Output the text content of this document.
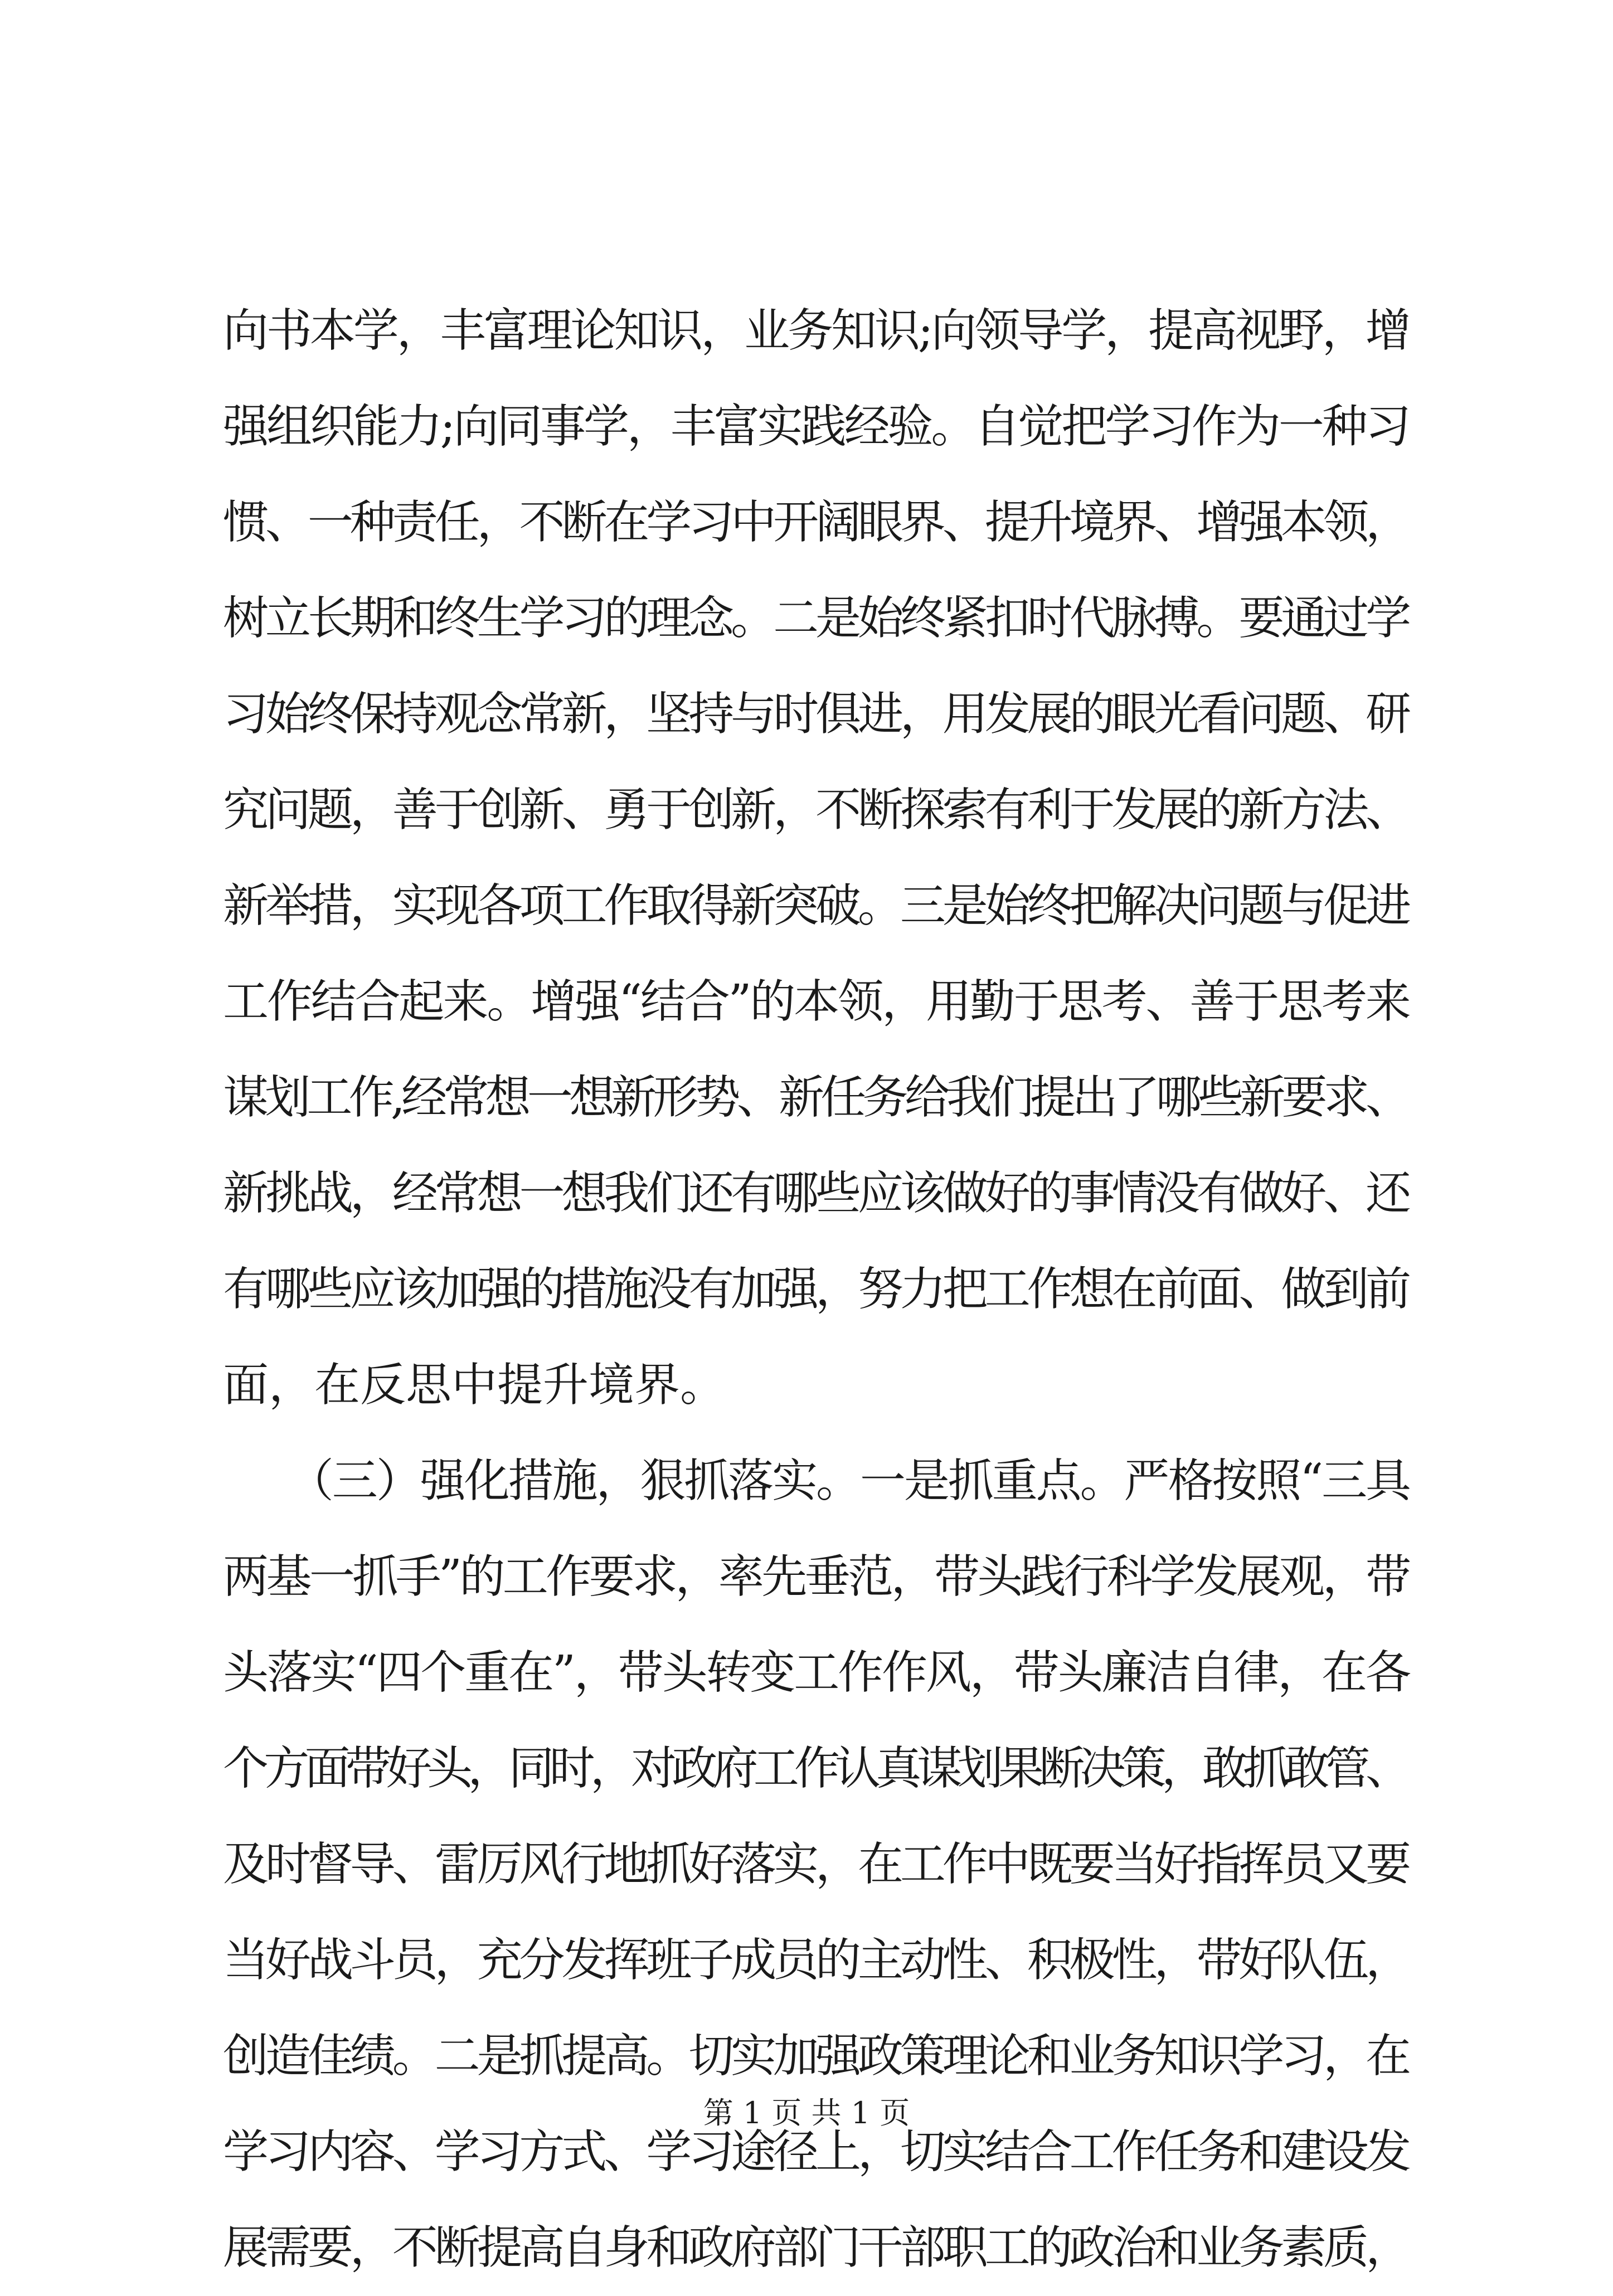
向书本学，丰富理论知识，业务知识;向领导学，提高视野，增
强组织能力;向同事学，丰富实践经验。自觉把学习作为一种习
惯、一种责任，不断在学习中开阔眼界、提升境界、增强本领，
树立长期和终生学习的理念。二是始终紧扣时代脉搏。要通过学
习始终保持观念常新，坚持与时俱进，用发展的眼光看问题、研
究问题，善于创新、勇于创新，不断探索有利于发展的新方法、
新举措，实现各项工作取得新突破。三是始终把解决问题与促进
工作结合起来。增强“结合”的本领，用勤于思考、善于思考来
谋划工作,经常想一想新形势、新任务给我们提出了哪些新要求、
新挑战，经常想一想我们还有哪些应该做好的事情没有做好、还
有哪些应该加强的措施没有加强，努力把工作想在前面、做到前
面，在反思中提升境界。
　　（三）强化措施，狠抓落实。一是抓重点。严格按照“三具
两基一抓手”的工作要求，率先垂范，带头践行科学发展观，带
头落实“四个重在”，带头转变工作作风，带头廉洁自律，在各
个方面带好头，同时，对政府工作认真谋划果断决策，敢抓敢管、
及时督导、雷厉风行地抓好落实，在工作中既要当好指挥员又要
当好战斗员，充分发挥班子成员的主动性、积极性，带好队伍，
创造佳绩。二是抓提高。切实加强政策理论和业务知识学习，在
学习内容、学习方式、学习途径上，切实结合工作任务和建设发
展需要，不断提高自身和政府部门干部职工的政治和业务素质，
第 1 页 共 1 页
